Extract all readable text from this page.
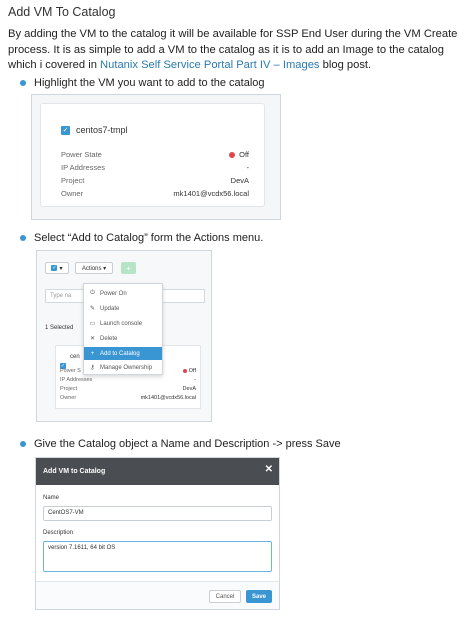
Add VM To Catalog
By adding the VM to the catalog it will be available for SSP End User during the VM Create process. It is as simple to add a VM to the catalog as it is to add an Image to the catalog which i covered in Nutanix Self Service Portal Part IV – Images blog post.
Highlight the VM you want to add to the catalog
✓ centos7-tmpl
Power State	Off
IP Addresses	-
Project	DevA
Owner	mk1401@vcdx56.local
Select “Add to Catalog” form the Actions menu.
✓ ▾	Actions ▾	+
Type na
1 Selected
✓
cen
Power S	Off
IP Addresses	-
Project	DevA
Owner	mk1401@vcdx56.local
⏻ Power On
✎ Update
▭ Launch console
✕ Delete
+ Add to Catalog
⚷ Manage Ownership
Give the Catalog object a Name and Description -> press Save
Add VM to Catalog	✕
Name
CentOS7-VM
Description
version 7.1611, 64 bit OS
Cancel	Save
